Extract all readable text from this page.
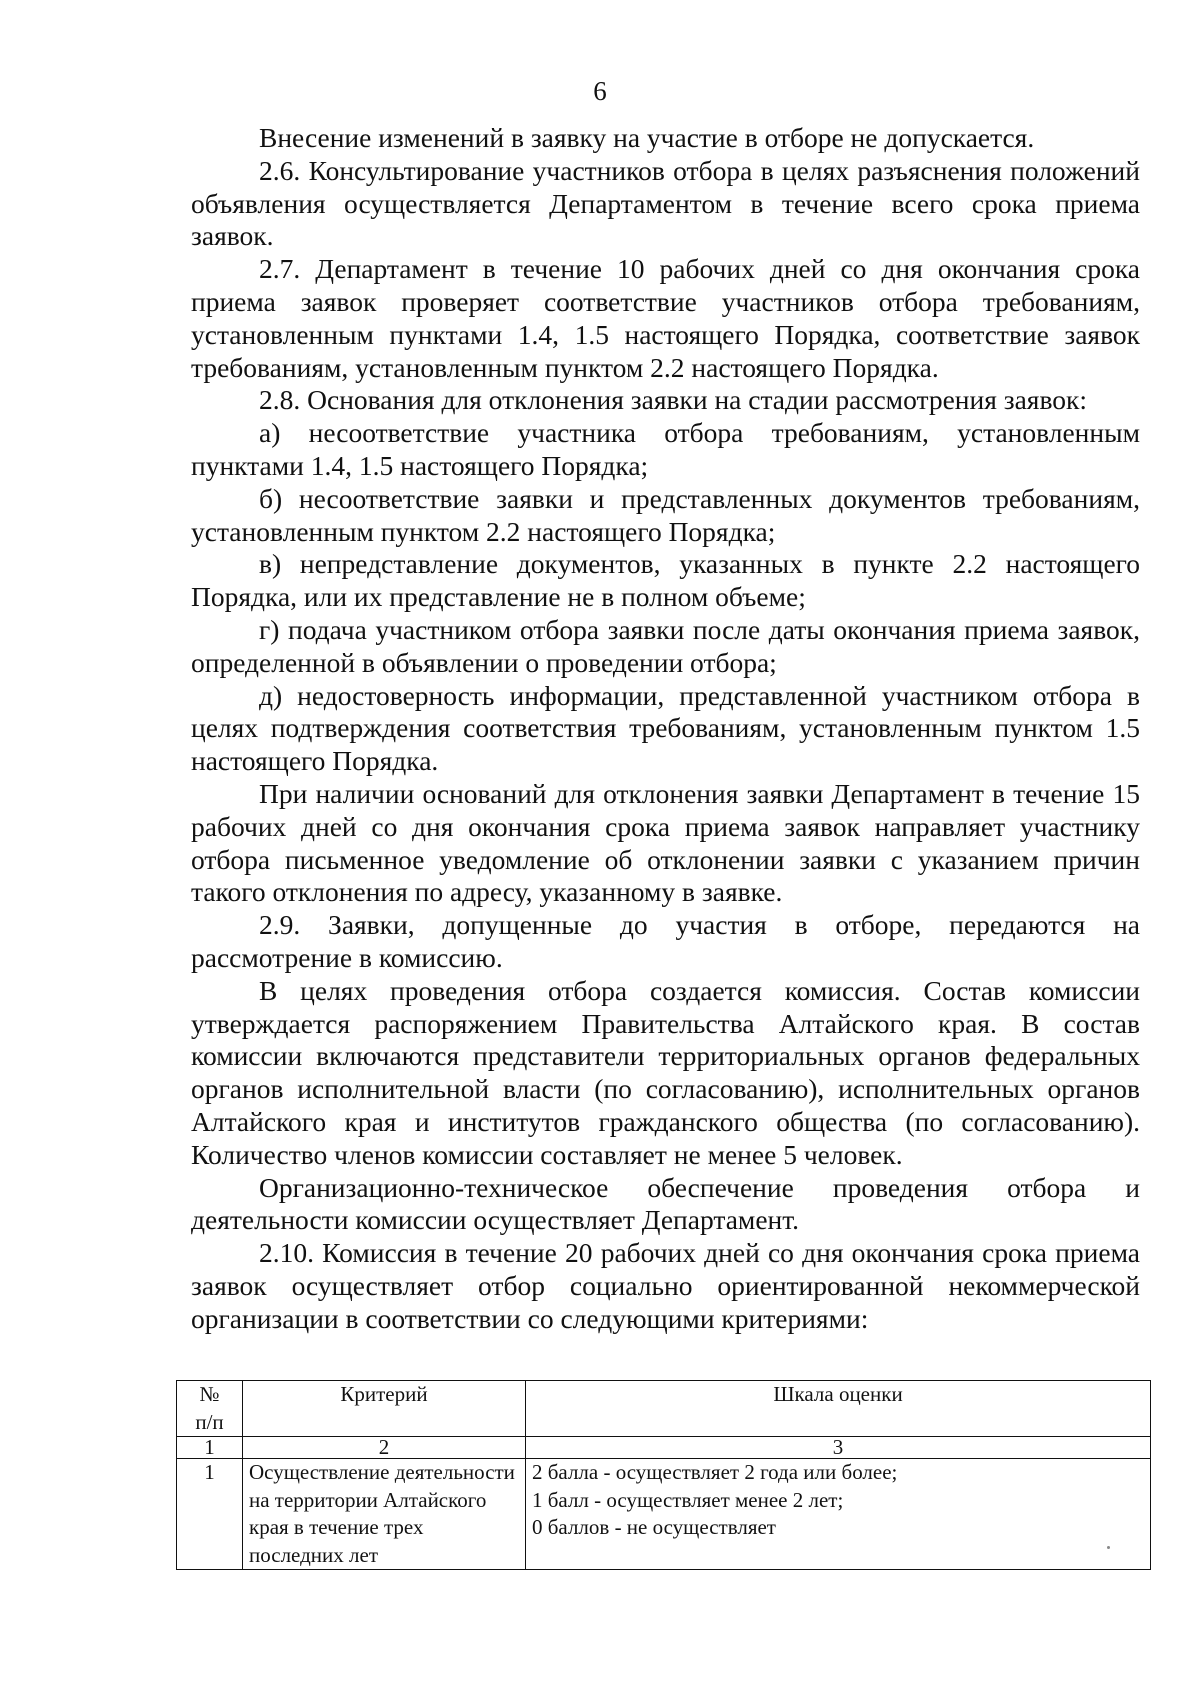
6

Внесение изменений в заявку на участие в отборе не допускается.

2.6. Консультирование участников отбора в целях разъяснения положений объявления осуществляется Департаментом в течение всего срока приема заявок.

2.7. Департамент в течение 10 рабочих дней со дня окончания срока приема заявок проверяет соответствие участников отбора требованиям, установленным пунктами 1.4, 1.5 настоящего Порядка, соответствие заявок требованиям, установленным пунктом 2.2 настоящего Порядка.

2.8. Основания для отклонения заявки на стадии рассмотрения заявок:

а) несоответствие участника отбора требованиям, установленным пунктами 1.4, 1.5 настоящего Порядка;

б) несоответствие заявки и представленных документов требованиям, установленным пунктом 2.2 настоящего Порядка;

в) непредставление документов, указанных в пункте 2.2 настоящего Порядка, или их представление не в полном объеме;

г) подача участником отбора заявки после даты окончания приема заявок, определенной в объявлении о проведении отбора;

д) недостоверность информации, представленной участником отбора в целях подтверждения соответствия требованиям, установленным пунктом 1.5 настоящего Порядка.

При наличии оснований для отклонения заявки Департамент в течение 15 рабочих дней со дня окончания срока приема заявок направляет участнику отбора письменное уведомление об отклонении заявки с указанием причин такого отклонения по адресу, указанному в заявке.

2.9. Заявки, допущенные до участия в отборе, передаются на рассмотрение в комиссию.

В целях проведения отбора создается комиссия. Состав комиссии утверждается распоряжением Правительства Алтайского края. В состав комиссии включаются представители территориальных органов федеральных органов исполнительной власти (по согласованию), исполнительных органов Алтайского края и институтов гражданского общества (по согласованию). Количество членов комиссии составляет не менее 5 человек.

Организационно-техническое обеспечение проведения отбора и деятельности комиссии осуществляет Департамент.

2.10. Комиссия в течение 20 рабочих дней со дня окончания срока приема заявок осуществляет отбор социально ориентированной некоммерческой организации в соответствии со следующими критериями:

№
п/п	Критерий	Шкала оценки
1	2	3
1	Осуществление деятельности на территории Алтайского края в течение трех последних лет	2 балла - осуществляет 2 года или более;
1 балл - осуществляет менее 2 лет;
0 баллов - не осуществляет
